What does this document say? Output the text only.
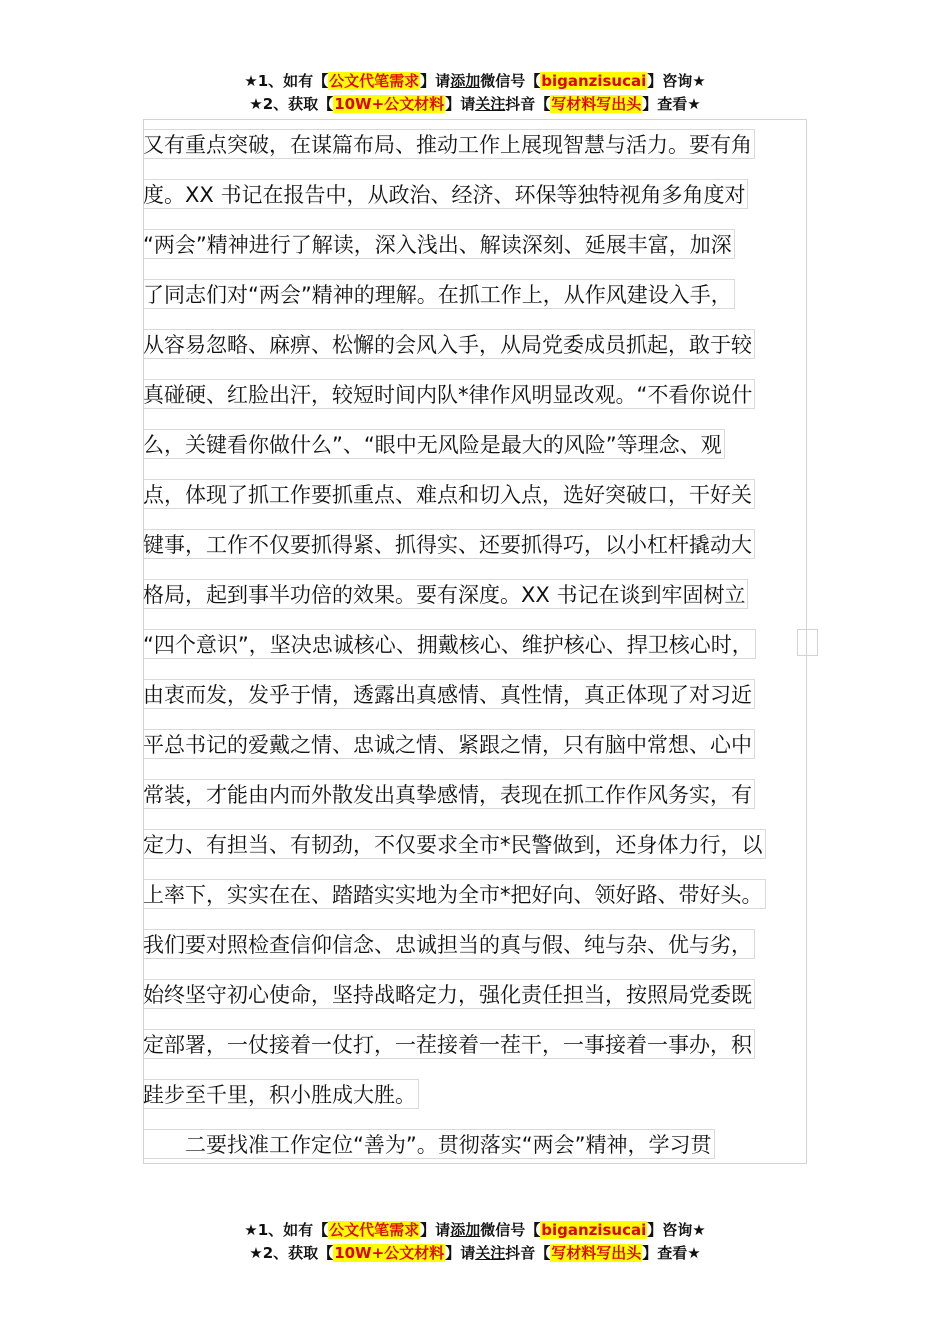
★1、如有【公文代笔需求】请添加微信号【biganzisucai】咨询★
★2、获取【10W+公文材料】请关注抖音【写材料写出头】查看★
又有重点突破，在谋篇布局、推动工作上展现智慧与活力。要有角
度。XX 书记在报告中，从政治、经济、环保等独特视角多角度对
“两会”精神进行了解读，深入浅出、解读深刻、延展丰富，加深
了同志们对“两会”精神的理解。在抓工作上，从作风建设入手，
从容易忽略、麻痹、松懈的会风入手，从局党委成员抓起，敢于较
真碰硬、红脸出汗，较短时间内队*律作风明显改观。“不看你说什
么，关键看你做什么”、“眼中无风险是最大的风险”等理念、观
点，体现了抓工作要抓重点、难点和切入点，选好突破口，干好关
键事，工作不仅要抓得紧、抓得实、还要抓得巧，以小杠杆撬动大
格局，起到事半功倍的效果。要有深度。XX 书记在谈到牢固树立
“四个意识”，坚决忠诚核心、拥戴核心、维护核心、捍卫核心时，
由衷而发，发乎于情，透露出真感情、真性情，真正体现了对习近
平总书记的爱戴之情、忠诚之情、紧跟之情，只有脑中常想、心中
常装，才能由内而外散发出真挚感情，表现在抓工作作风务实，有
定力、有担当、有韧劲，不仅要求全市*民警做到，还身体力行，以
上率下，实实在在、踏踏实实地为全市*把好向、领好路、带好头。
我们要对照检查信仰信念、忠诚担当的真与假、纯与杂、优与劣，
始终坚守初心使命，坚持战略定力，强化责任担当，按照局党委既
定部署，一仗接着一仗打，一茬接着一茬干，一事接着一事办，积
跬步至千里，积小胜成大胜。
　　二要找准工作定位“善为”。贯彻落实“两会”精神，学习贯
★1、如有【公文代笔需求】请添加微信号【biganzisucai】咨询★
★2、获取【10W+公文材料】请关注抖音【写材料写出头】查看★
